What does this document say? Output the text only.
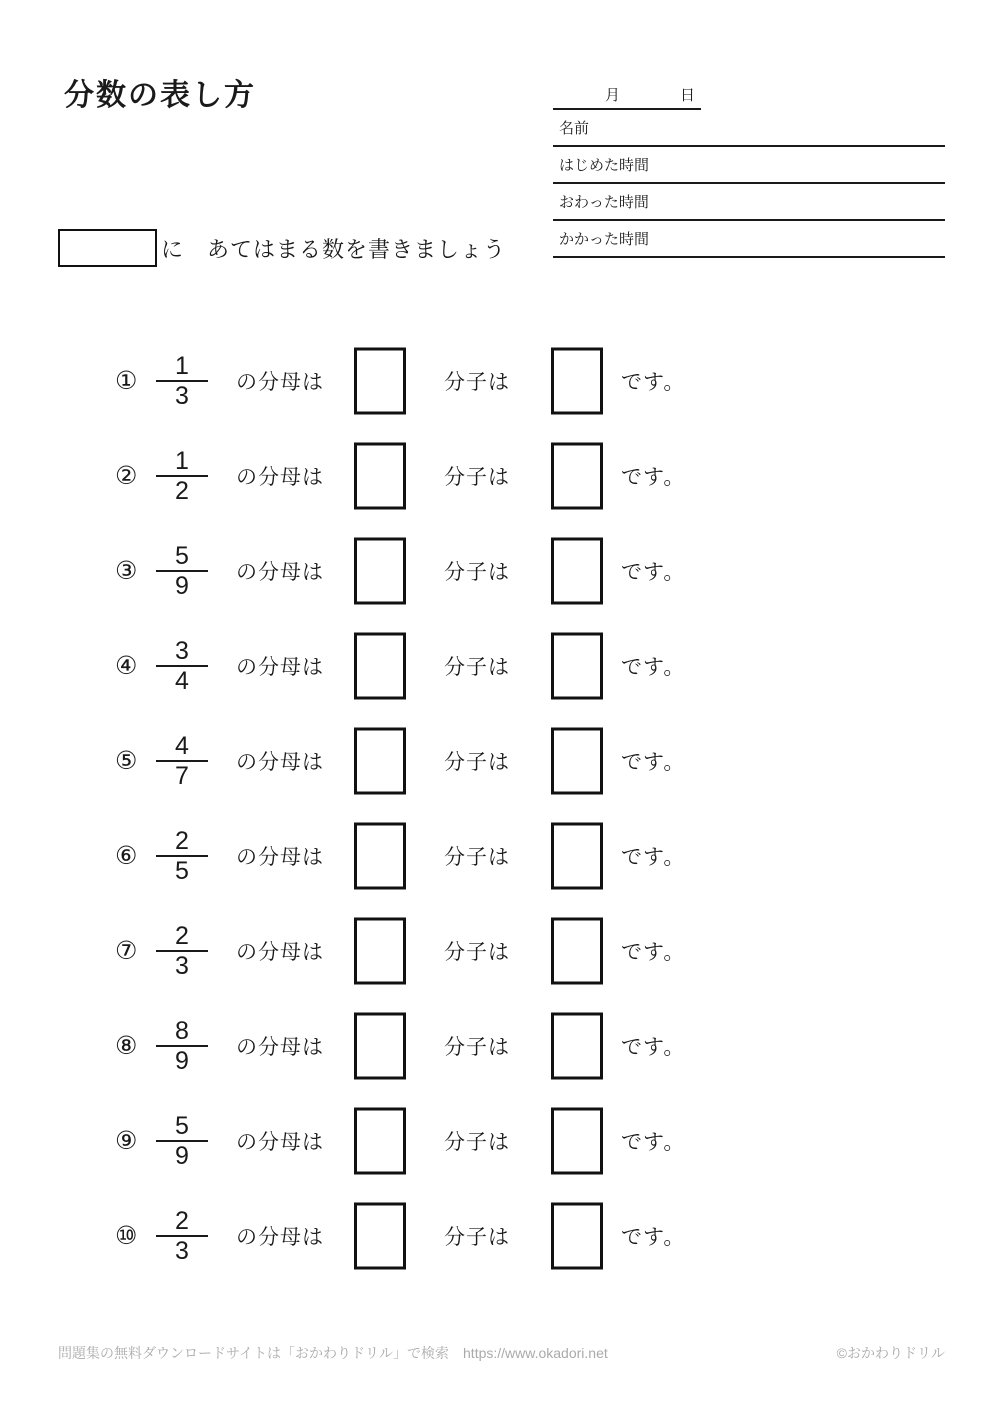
分数の表し方	月	日
名前
はじめた時間
おわった時間
かかった時間
に　あてはまる数を書きましょう
①
1
3	の分母は	分子は	です。
②
1
2	の分母は	分子は	です。
③
5
9	の分母は	分子は	です。
④
3
4	の分母は	分子は	です。
⑤
4
7	の分母は	分子は	です。
⑥
2
5	の分母は	分子は	です。
⑦
2
3	の分母は	分子は	です。
⑧
8
9	の分母は	分子は	です。
⑨
5
9	の分母は	分子は	です。
⑩
2
3	の分母は	分子は	です。
問題集の無料ダウンロードサイトは「おかわりドリル」で検索　https://www.okadori.net	©おかわりドリル
